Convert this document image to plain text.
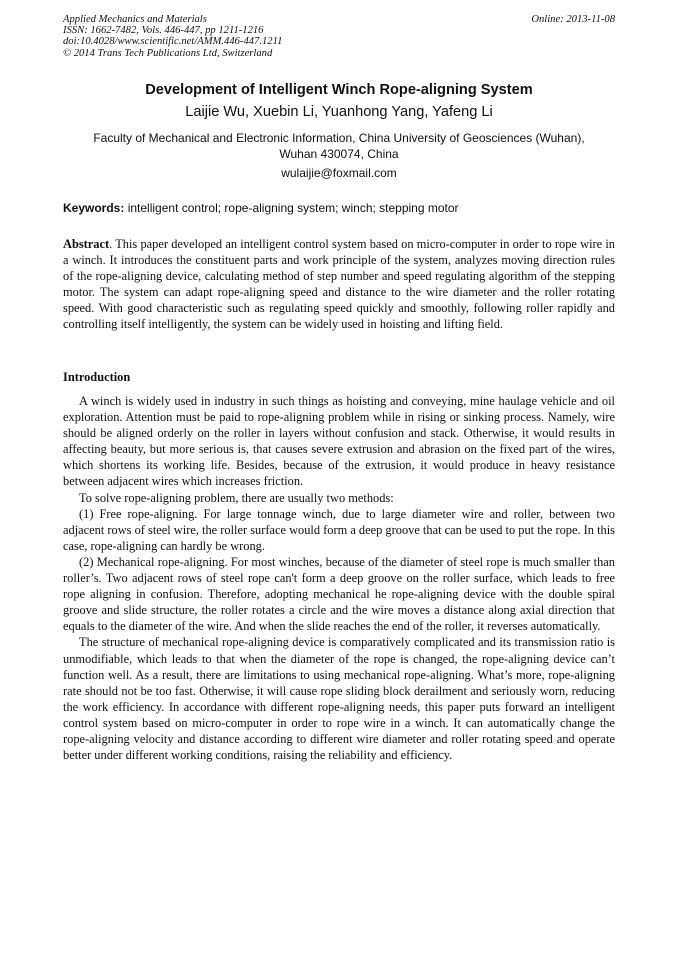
Applied Mechanics and Materials
ISSN: 1662-7482, Vols. 446-447, pp 1211-1216
doi:10.4028/www.scientific.net/AMM.446-447.1211
© 2014 Trans Tech Publications Ltd, Switzerland
Online: 2013-11-08
Development of Intelligent Winch Rope-aligning System
Laijie Wu, Xuebin Li, Yuanhong Yang, Yafeng Li
Faculty of Mechanical and Electronic Information, China University of Geosciences (Wuhan),
Wuhan 430074, China
wulaijie@foxmail.com
Keywords: intelligent control; rope-aligning system; winch; stepping motor

Abstract. This paper developed an intelligent control system based on micro-computer in order to rope wire in a winch. It introduces the constituent parts and work principle of the system, analyzes moving direction rules of the rope-aligning device, calculating method of step number and speed regulating algorithm of the stepping motor. The system can adapt rope-aligning speed and distance to the wire diameter and the roller rotating speed. With good characteristic such as regulating speed quickly and smoothly, following roller rapidly and controlling itself intelligently, the system can be widely used in hoisting and lifting field.

Introduction

A winch is widely used in industry in such things as hoisting and conveying, mine haulage vehicle and oil exploration. Attention must be paid to rope-aligning problem while in rising or sinking process. Namely, wire should be aligned orderly on the roller in layers without confusion and stack. Otherwise, it would results in affecting beauty, but more serious is, that causes severe extrusion and abrasion on the fixed part of the wires, which shortens its working life. Besides, because of the extrusion, it would produce in heavy resistance between adjacent wires which increases friction.

To solve rope-aligning problem, there are usually two methods:

(1) Free rope-aligning. For large tonnage winch, due to large diameter wire and roller, between two adjacent rows of steel wire, the roller surface would form a deep groove that can be used to put the rope. In this case, rope-aligning can hardly be wrong.

(2) Mechanical rope-aligning. For most winches, because of the diameter of steel rope is much smaller than roller’s. Two adjacent rows of steel rope can't form a deep groove on the roller surface, which leads to free rope aligning in confusion. Therefore, adopting mechanical he rope-aligning device with the double spiral groove and slide structure, the roller rotates a circle and the wire moves a distance along axial direction that equals to the diameter of the wire. And when the slide reaches the end of the roller, it reverses automatically.

The structure of mechanical rope-aligning device is comparatively complicated and its transmission ratio is unmodifiable, which leads to that when the diameter of the rope is changed, the rope-aligning device can’t function well. As a result, there are limitations to using mechanical rope-aligning. What’s more, rope-aligning rate should not be too fast. Otherwise, it will cause rope sliding block derailment and seriously worn, reducing the work efficiency. In accordance with different rope-aligning needs, this paper puts forward an intelligent control system based on micro-computer in order to rope wire in a winch. It can automatically change the rope-aligning velocity and distance according to different wire diameter and roller rotating speed and operate better under different working conditions, raising the reliability and efficiency.
